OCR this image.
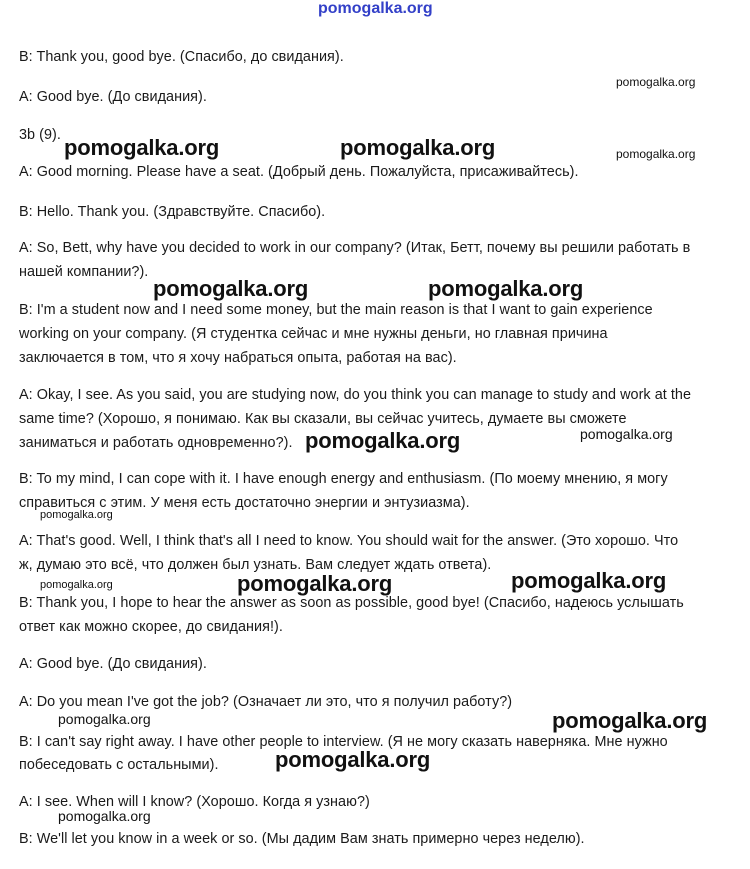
pomogalka.org
B: Thank you, good bye. (Спасибо, до свидания).
A: Good bye. (До свидания).
3b (9).
A: Good morning. Please have a seat. (Добрый день. Пожалуйста, присаживайтесь).
B: Hello. Thank you. (Здравствуйте. Спасибо).
A: So, Bett, why have you decided to work in our company? (Итак, Бетт, почему вы решили работать в
нашей компании?).
B: I'm a student now and I need some money, but the main reason is that I want to gain experience
working on your company. (Я студентка сейчас и мне нужны деньги, но главная причина
заключается в том, что я хочу набраться опыта, работая на вас).
A: Okay, I see. As you said, you are studying now, do you think you can manage to study and work at the
same time? (Хорошо, я понимаю. Как вы сказали, вы сейчас учитесь, думаете вы сможете
заниматься и работать одновременно?).
B: To my mind, I can cope with it. I have enough energy and enthusiasm. (По моему мнению, я могу
справиться с этим. У меня есть достаточно энергии и энтузиазма).
A: That's good. Well, I think that's all I need to know. You should wait for the answer. (Это хорошо. Что
ж, думаю это всё, что должен был узнать. Вам следует ждать ответа).
B: Thank you, I hope to hear the answer as soon as possible, good bye! (Спасибо, надеюсь услышать
ответ как можно скорее, до свидания!).
A: Good bye. (До свидания).
A: Do you mean I've got the job? (Означает ли это, что я получил работу?)
B: I can't say right away. I have other people to interview. (Я не могу сказать наверняка. Мне нужно
побеседовать с остальными).
A: I see. When will I know? (Хорошо. Когда я узнаю?)
B: We'll let you know in a week or so. (Мы дадим Вам знать примерно через неделю).
pomogalka.org
pomogalka.org	pomogalka.org	pomogalka.org
pomogalka.org	pomogalka.org
pomogalka.org	pomogalka.org
pomogalka.org
pomogalka.org	pomogalka.org	pomogalka.org
pomogalka.org	pomogalka.org
pomogalka.org
pomogalka.org
